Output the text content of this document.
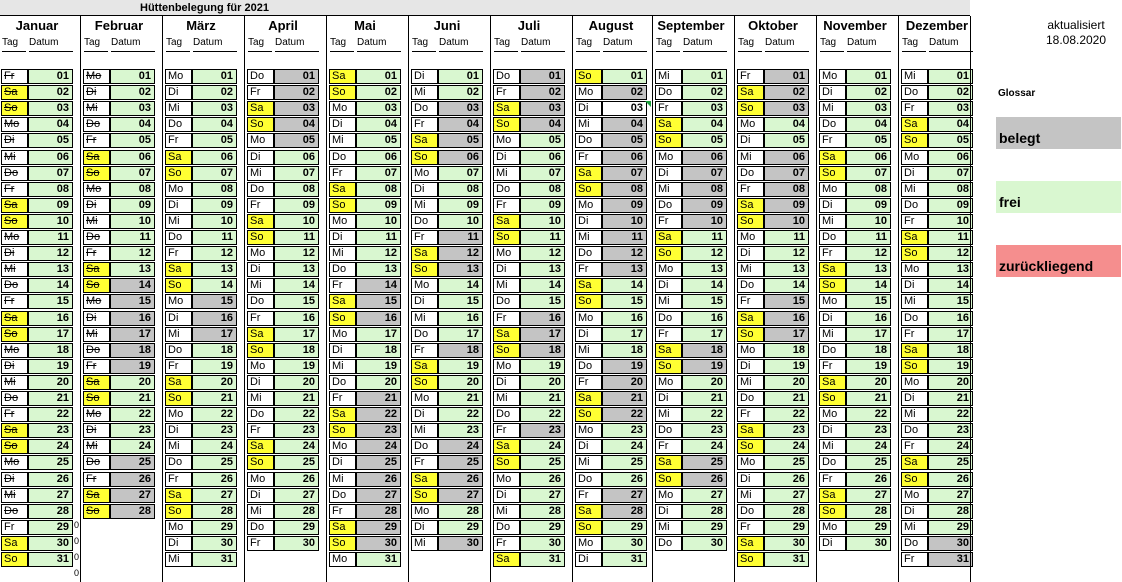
Hüttenbelegung für 2021
Januar
Tag	Datum
Fr	01
Sa	02
So	03
Mo	04
Di	05
Mi	06
Do	07
Fr	08
Sa	09
So	10
Mo	11
Di	12
Mi	13
Do	14
Fr	15
Sa	16
So	17
Mo	18
Di	19
Mi	20
Do	21
Fr	22
Sa	23
So	24
Mo	25
Di	26
Mi	27
Do	28
Fr	29
Sa	30
So	31
Februar
Tag	Datum
Mo	01
Di	02
Mi	03
Do	04
Fr	05
Sa	06
So	07
Mo	08
Di	09
Mi	10
Do	11
Fr	12
Sa	13
So	14
Mo	15
Di	16
Mi	17
Do	18
Fr	19
Sa	20
So	21
Mo	22
Di	23
Mi	24
Do	25
Fr	26
Sa	27
So	28
März
Tag	Datum
Mo	01
Di	02
Mi	03
Do	04
Fr	05
Sa	06
So	07
Mo	08
Di	09
Mi	10
Do	11
Fr	12
Sa	13
So	14
Mo	15
Di	16
Mi	17
Do	18
Fr	19
Sa	20
So	21
Mo	22
Di	23
Mi	24
Do	25
Fr	26
Sa	27
So	28
Mo	29
Di	30
Mi	31
April
Tag	Datum
Do	01
Fr	02
Sa	03
So	04
Mo	05
Di	06
Mi	07
Do	08
Fr	09
Sa	10
So	11
Mo	12
Di	13
Mi	14
Do	15
Fr	16
Sa	17
So	18
Mo	19
Di	20
Mi	21
Do	22
Fr	23
Sa	24
So	25
Mo	26
Di	27
Mi	28
Do	29
Fr	30
Mai
Tag	Datum
Sa	01
So	02
Mo	03
Di	04
Mi	05
Do	06
Fr	07
Sa	08
So	09
Mo	10
Di	11
Mi	12
Do	13
Fr	14
Sa	15
So	16
Mo	17
Di	18
Mi	19
Do	20
Fr	21
Sa	22
So	23
Mo	24
Di	25
Mi	26
Do	27
Fr	28
Sa	29
So	30
Mo	31
Juni
Tag	Datum
Di	01
Mi	02
Do	03
Fr	04
Sa	05
So	06
Mo	07
Di	08
Mi	09
Do	10
Fr	11
Sa	12
So	13
Mo	14
Di	15
Mi	16
Do	17
Fr	18
Sa	19
So	20
Mo	21
Di	22
Mi	23
Do	24
Fr	25
Sa	26
So	27
Mo	28
Di	29
Mi	30
Juli
Tag	Datum
Do	01
Fr	02
Sa	03
So	04
Mo	05
Di	06
Mi	07
Do	08
Fr	09
Sa	10
So	11
Mo	12
Di	13
Mi	14
Do	15
Fr	16
Sa	17
So	18
Mo	19
Di	20
Mi	21
Do	22
Fr	23
Sa	24
So	25
Mo	26
Di	27
Mi	28
Do	29
Fr	30
Sa	31
August
Tag	Datum
So	01
Mo	02
Di	03
Mi	04
Do	05
Fr	06
Sa	07
So	08
Mo	09
Di	10
Mi	11
Do	12
Fr	13
Sa	14
So	15
Mo	16
Di	17
Mi	18
Do	19
Fr	20
Sa	21
So	22
Mo	23
Di	24
Mi	25
Do	26
Fr	27
Sa	28
So	29
Mo	30
Di	31
September
Tag	Datum
Mi	01
Do	02
Fr	03
Sa	04
So	05
Mo	06
Di	07
Mi	08
Do	09
Fr	10
Sa	11
So	12
Mo	13
Di	14
Mi	15
Do	16
Fr	17
Sa	18
So	19
Mo	20
Di	21
Mi	22
Do	23
Fr	24
Sa	25
So	26
Mo	27
Di	28
Mi	29
Do	30
Oktober
Tag	Datum
Fr	01
Sa	02
So	03
Mo	04
Di	05
Mi	06
Do	07
Fr	08
Sa	09
So	10
Mo	11
Di	12
Mi	13
Do	14
Fr	15
Sa	16
So	17
Mo	18
Di	19
Mi	20
Do	21
Fr	22
Sa	23
So	24
Mo	25
Di	26
Mi	27
Do	28
Fr	29
Sa	30
So	31
November
Tag	Datum
Mo	01
Di	02
Mi	03
Do	04
Fr	05
Sa	06
So	07
Mo	08
Di	09
Mi	10
Do	11
Fr	12
Sa	13
So	14
Mo	15
Di	16
Mi	17
Do	18
Fr	19
Sa	20
So	21
Mo	22
Di	23
Mi	24
Do	25
Fr	26
Sa	27
So	28
Mo	29
Di	30
Dezember
Tag	Datum
Mi	01
Do	02
Fr	03
Sa	04
So	05
Mo	06
Di	07
Mi	08
Do	09
Fr	10
Sa	11
So	12
Mo	13
Di	14
Mi	15
Do	16
Fr	17
Sa	18
So	19
Mo	20
Di	21
Mi	22
Do	23
Fr	24
Sa	25
So	26
Mo	27
Di	28
Mi	29
Do	30
Fr	31
0
0
0
0
aktualisiert
18.08.2020
Glossar
belegt
frei
zurückliegend
